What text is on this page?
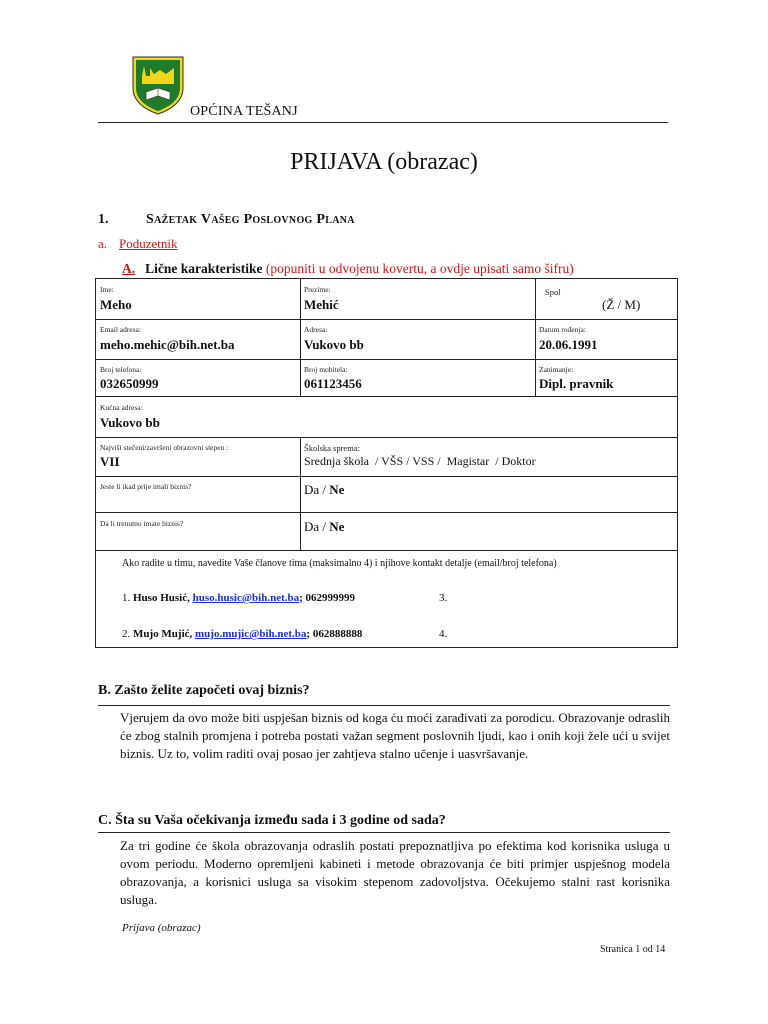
OPĆINA TEŠANJ
PRIJAVA (obrazac)
1.	Sažetak Vašeg Poslovnog Plana
a. Poduzetnik
A. Lične karakteristike (popuniti u odvojenu kovertu, a ovdje upisati samo šifru)
Ime:
Meho
Prezime:
Mehić
Spol
(Ž / M)
Email adresa:
meho.mehic@bih.net.ba
Adresa:
Vukovo bb
Datum rođenja:
20.06.1991
Broj telefona:
032650999
Broj mobitela:
061123456
Zanimanje:
Dipl. pravnik
Kućna adresa:
Vukovo bb
Najviši stečeni/završeni obrazovni stepen :
VII
Školska sprema:
Srednja škola  / VŠS / VSS /  Magistar  / Doktor
Jeste li ikad prije imali biznis?	Da / Ne
Da li trenutno imate biznis?	Da / Ne
Ako radite u timu, navedite Vaše članove tima (maksimalno 4) i njihove kontakt detalje (email/broj telefona)
1. Huso Husić, huso.husic@bih.net.ba; 062999999	3.
2. Mujo Mujić, mujo.mujic@bih.net.ba; 062888888	4.
B. Zašto želite započeti ovaj biznis?
Vjerujem da ovo može biti uspješan biznis od koga ću moći zarađivati za porodicu. Obrazovanje odraslih će zbog stalnih promjena i potreba postati važan segment poslovnih ljudi, kao i onih koji žele ući u svijet biznis. Uz to, volim raditi ovaj posao jer zahtjeva stalno učenje i uasvršavanje.
C. Šta su Vaša očekivanja između sada i 3 godine od sada?
Za tri godine će škola obrazovanja odraslih postati prepoznatljiva po efektima kod korisnika usluga u ovom periodu. Moderno opremljeni kabineti i metode obrazovanja će biti primjer uspješnog modela obrazovanja, a korisnici usluga sa visokim stepenom zadovoljstva. Očekujemo stalni rast korisnika usluga.
Prijava (obrazac)
Stranica 1 od 14
